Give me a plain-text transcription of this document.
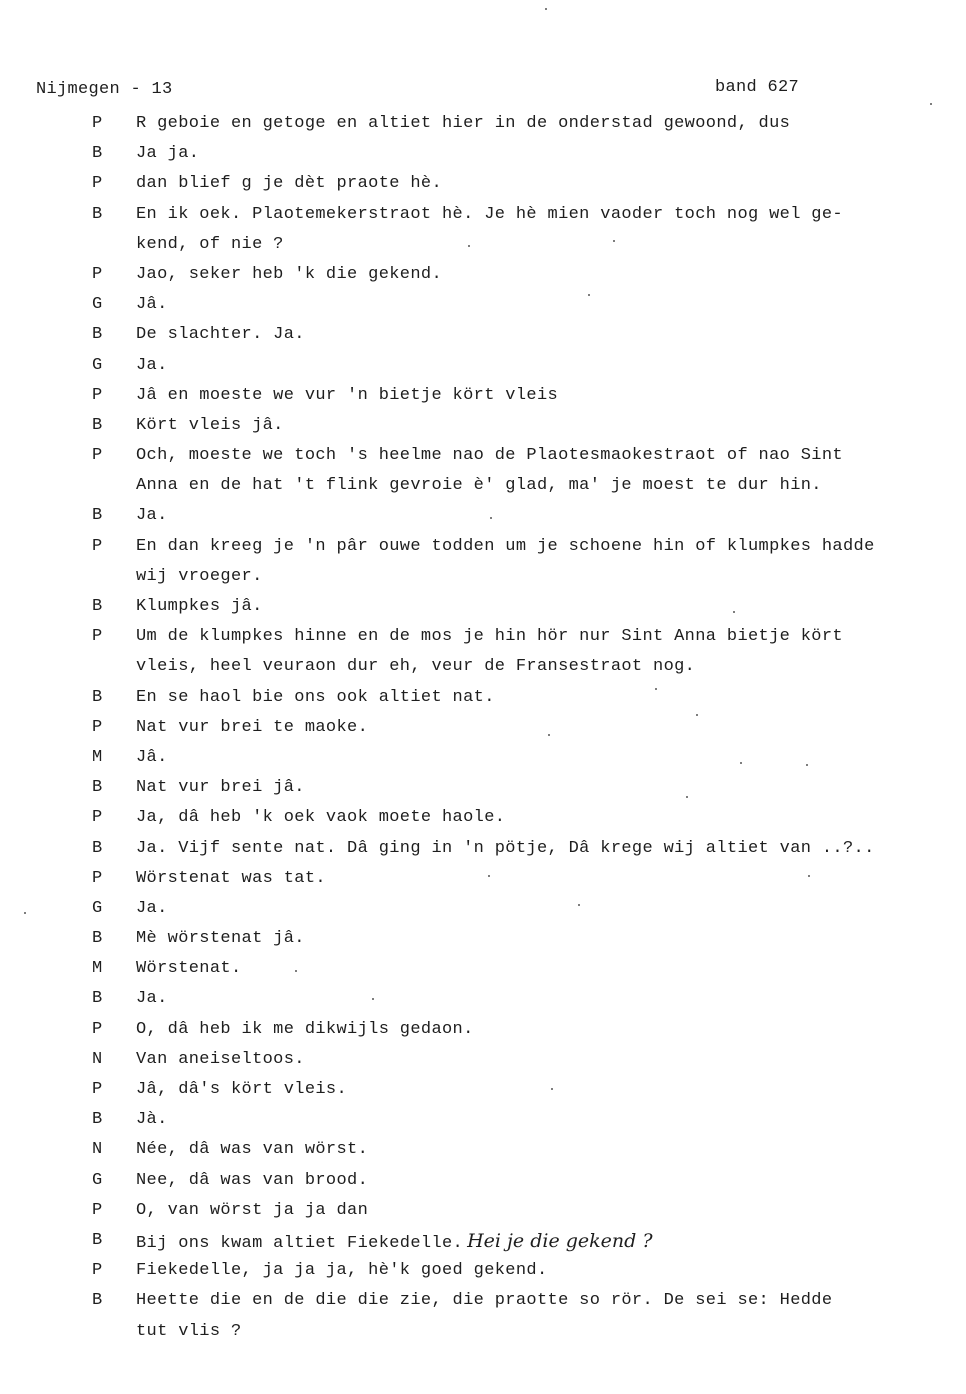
Nijmegen - 13	band 627
P R geboie en getoge en altiet hier in de onderstad gewoond, dus
B Ja ja.
P dan blief g je dèt praote hè.
B En ik oek. Plaotemekerstraot hè. Je hè mien vaoder toch nog wel ge-
kend, of nie ?
P Jao, seker heb 'k die gekend.
G Jâ.
B De slachter. Ja.
G Ja.
P Jâ en moeste we vur 'n bietje kört vleis
B Kört vleis jâ.
P Och, moeste we toch 's heelme nao de Plaotesmaokestraot of nao Sint
Anna en de hat 't flink gevroie è' glad, ma' je moest te dur hin.
B Ja.
P En dan kreeg je 'n pâr ouwe todden um je schoene hin of klumpkes hadde
wij vroeger.
B Klumpkes jâ.
P Um de klumpkes hinne en de mos je hin hör nur Sint Anna bietje kört
vleis, heel veuraon dur eh, veur de Fransestraot nog.
B En se haol bie ons ook altiet nat.
P Nat vur brei te maoke.
M Jâ.
B Nat vur brei jâ.
P Ja, dâ heb 'k oek vaok moete haole.
B Ja. Vijf sente nat. Dâ ging in 'n pötje, Dâ krege wij altiet van ..?..
P Wörstenat was tat.
G Ja.
B Mè wörstenat jâ.
M Wörstenat.
B Ja.
P O, dâ heb ik me dikwijls gedaon.
N Van aneiseltoos.
P Jâ, dâ's kört vleis.
B Jà.
N Née, dâ was van wörst.
G Nee, dâ was van brood.
P O, van wörst ja ja dan
B Bij ons kwam altiet Fiekedelle. Hei je die gekend ?
P Fiekedelle, ja ja ja, hè'k goed gekend.
B Heette die en de die die zie, die praotte so rör. De sei se: Hedde
tut vlis ?
